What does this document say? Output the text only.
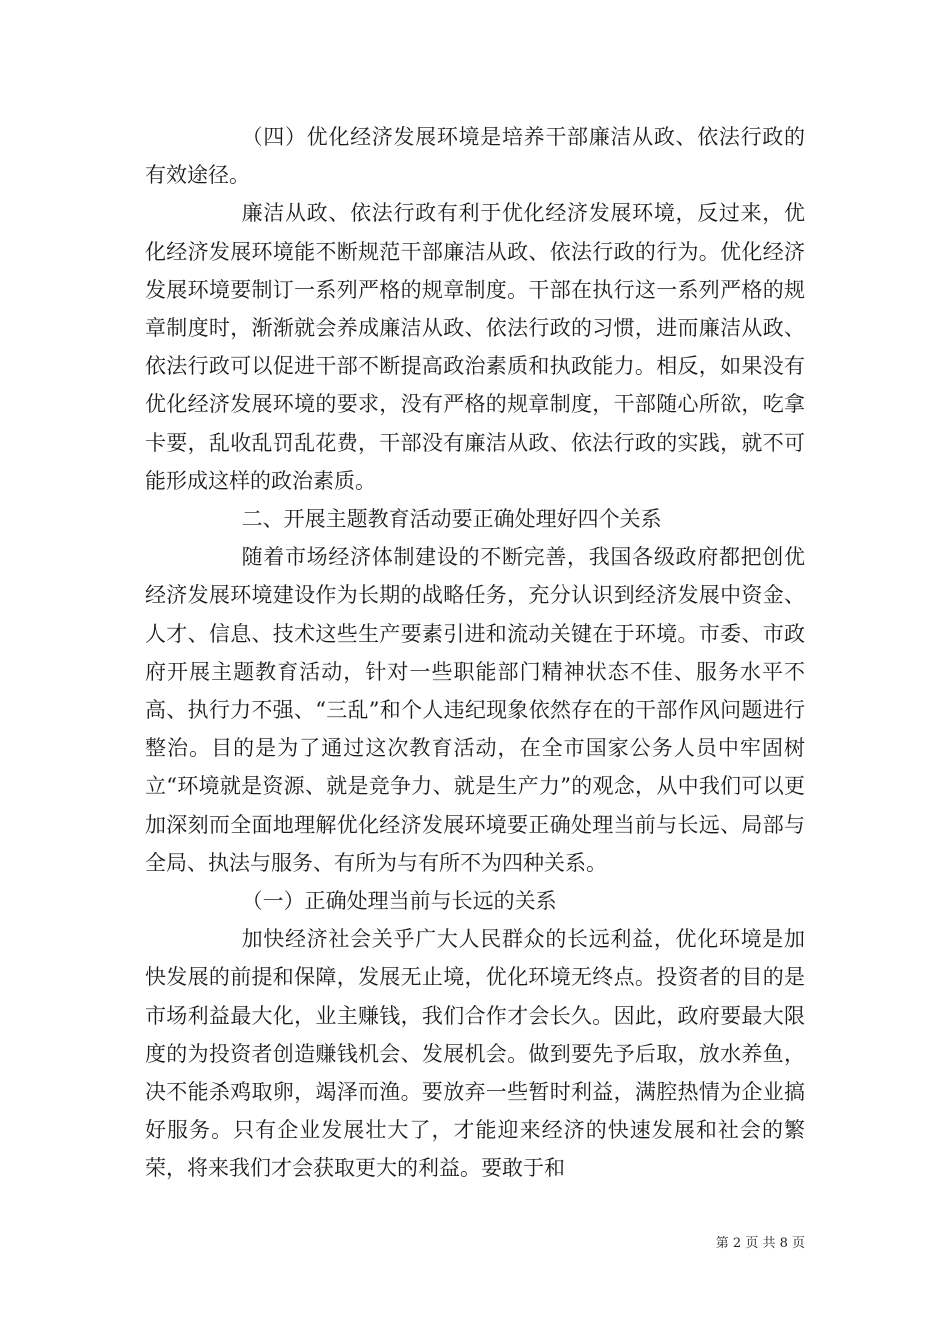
（四）优化经济发展环境是培养干部廉洁从政、依法行政的有效途径。

廉洁从政、依法行政有利于优化经济发展环境，反过来，优化经济发展环境能不断规范干部廉洁从政、依法行政的行为。优化经济发展环境要制订一系列严格的规章制度。干部在执行这一系列严格的规章制度时，渐渐就会养成廉洁从政、依法行政的习惯，进而廉洁从政、依法行政可以促进干部不断提高政治素质和执政能力。相反，如果没有优化经济发展环境的要求，没有严格的规章制度，干部随心所欲，吃拿卡要，乱收乱罚乱花费，干部没有廉洁从政、依法行政的实践，就不可能形成这样的政治素质。

二、开展主题教育活动要正确处理好四个关系

随着市场经济体制建设的不断完善，我国各级政府都把创优经济发展环境建设作为长期的战略任务，充分认识到经济发展中资金、人才、信息、技术这些生产要素引进和流动关键在于环境。市委、市政府开展主题教育活动，针对一些职能部门精神状态不佳、服务水平不高、执行力不强、“三乱”和个人违纪现象依然存在的干部作风问题进行整治。目的是为了通过这次教育活动，在全市国家公务人员中牢固树立“环境就是资源、就是竞争力、就是生产力”的观念，从中我们可以更加深刻而全面地理解优化经济发展环境要正确处理当前与长远、局部与全局、执法与服务、有所为与有所不为四种关系。

（一）正确处理当前与长远的关系

加快经济社会关乎广大人民群众的长远利益，优化环境是加快发展的前提和保障，发展无止境，优化环境无终点。投资者的目的是市场利益最大化，业主赚钱，我们合作才会长久。因此，政府要最大限度的为投资者创造赚钱机会、发展机会。做到要先予后取，放水养鱼，决不能杀鸡取卵，竭泽而渔。要放弃一些暂时利益，满腔热情为企业搞好服务。只有企业发展壮大了，才能迎来经济的快速发展和社会的繁荣，将来我们才会获取更大的利益。要敢于和

第 2 页 共 8 页
